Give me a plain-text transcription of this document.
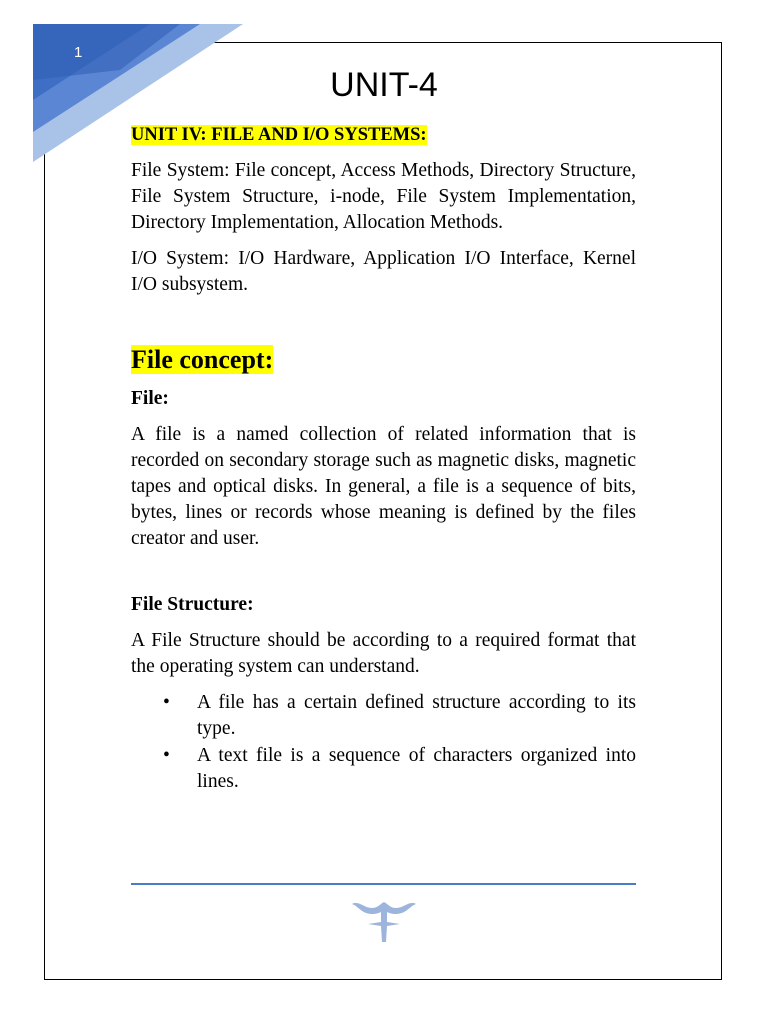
1
UNIT-4
UNIT IV: FILE AND I/O SYSTEMS:

File System: File concept, Access Methods, Directory Structure, File System Structure, i-node, File System Implementation, Directory Implementation, Allocation Methods.

I/O System: I/O Hardware, Application I/O Interface, Kernel I/O subsystem.

File concept:
File:

A file is a named collection of related information that is recorded on secondary storage such as magnetic disks, magnetic tapes and optical disks. In general, a file is a sequence of bits, bytes, lines or records whose meaning is defined by the files creator and user.

File Structure:

A File Structure should be according to a required format that the operating system can understand.

• A file has a certain defined structure according to its type.
• A text file is a sequence of characters organized into lines.
